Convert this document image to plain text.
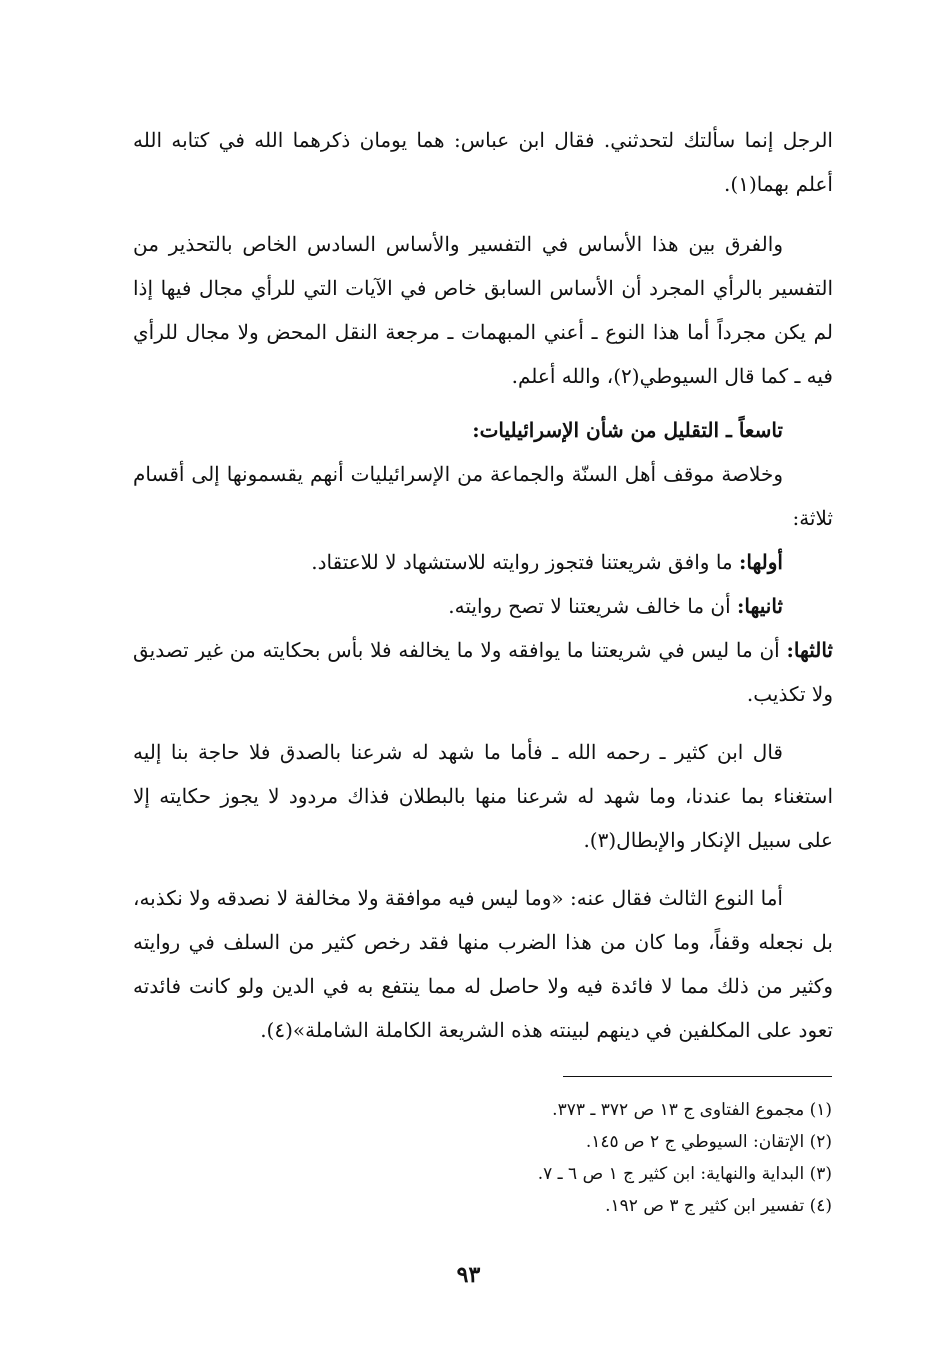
الرجل إنما سألتك لتحدثني. فقال ابن عباس: هما يومان ذكرهما الله في كتابه الله أعلم بهما(١).

والفرق بين هذا الأساس في التفسير والأساس السادس الخاص بالتحذير من التفسير بالرأي المجرد أن الأساس السابق خاص في الآيات التي للرأي مجال فيها إذا لم يكن مجرداً أما هذا النوع ـ أعني المبهمات ـ مرجعة النقل المحض ولا مجال للرأي فيه ـ كما قال السيوطي(٢)، والله أعلم.

تاسعاً ـ التقليل من شأن الإسرائيليات:

وخلاصة موقف أهل السنّة والجماعة من الإسرائيليات أنهم يقسمونها إلى أقسام ثلاثة:

أولها: ما وافق شريعتنا فتجوز روايته للاستشهاد لا للاعتقاد.

ثانيها: أن ما خالف شريعتنا لا تصح روايته.

ثالثها: أن ما ليس في شريعتنا ما يوافقه ولا ما يخالفه فلا بأس بحكايته من غير تصديق ولا تكذيب.

قال ابن كثير ـ رحمه الله ـ فأما ما شهد له شرعنا بالصدق فلا حاجة بنا إليه استغناء بما عندنا، وما شهد له شرعنا منها بالبطلان فذاك مردود لا يجوز حكايته إلا على سبيل الإنكار والإبطال(٣).

أما النوع الثالث فقال عنه: «وما ليس فيه موافقة ولا مخالفة لا نصدقه ولا نكذبه، بل نجعله وقفاً، وما كان من هذا الضرب منها فقد رخص كثير من السلف في روايته وكثير من ذلك مما لا فائدة فيه ولا حاصل له مما ينتفع به في الدين ولو كانت فائدته تعود على المكلفين في دينهم لبينته هذه الشريعة الكاملة الشاملة»(٤).

(١) مجموع الفتاوى ج ١٣ ص ٣٧٢ ـ ٣٧٣.

(٢) الإتقان: السيوطي ج ٢ ص ١٤٥.

(٣) البداية والنهاية: ابن كثير ج ١ ص ٦ ـ ٧.

(٤) تفسير ابن كثير ج ٣ ص ١٩٢.

٩٣
